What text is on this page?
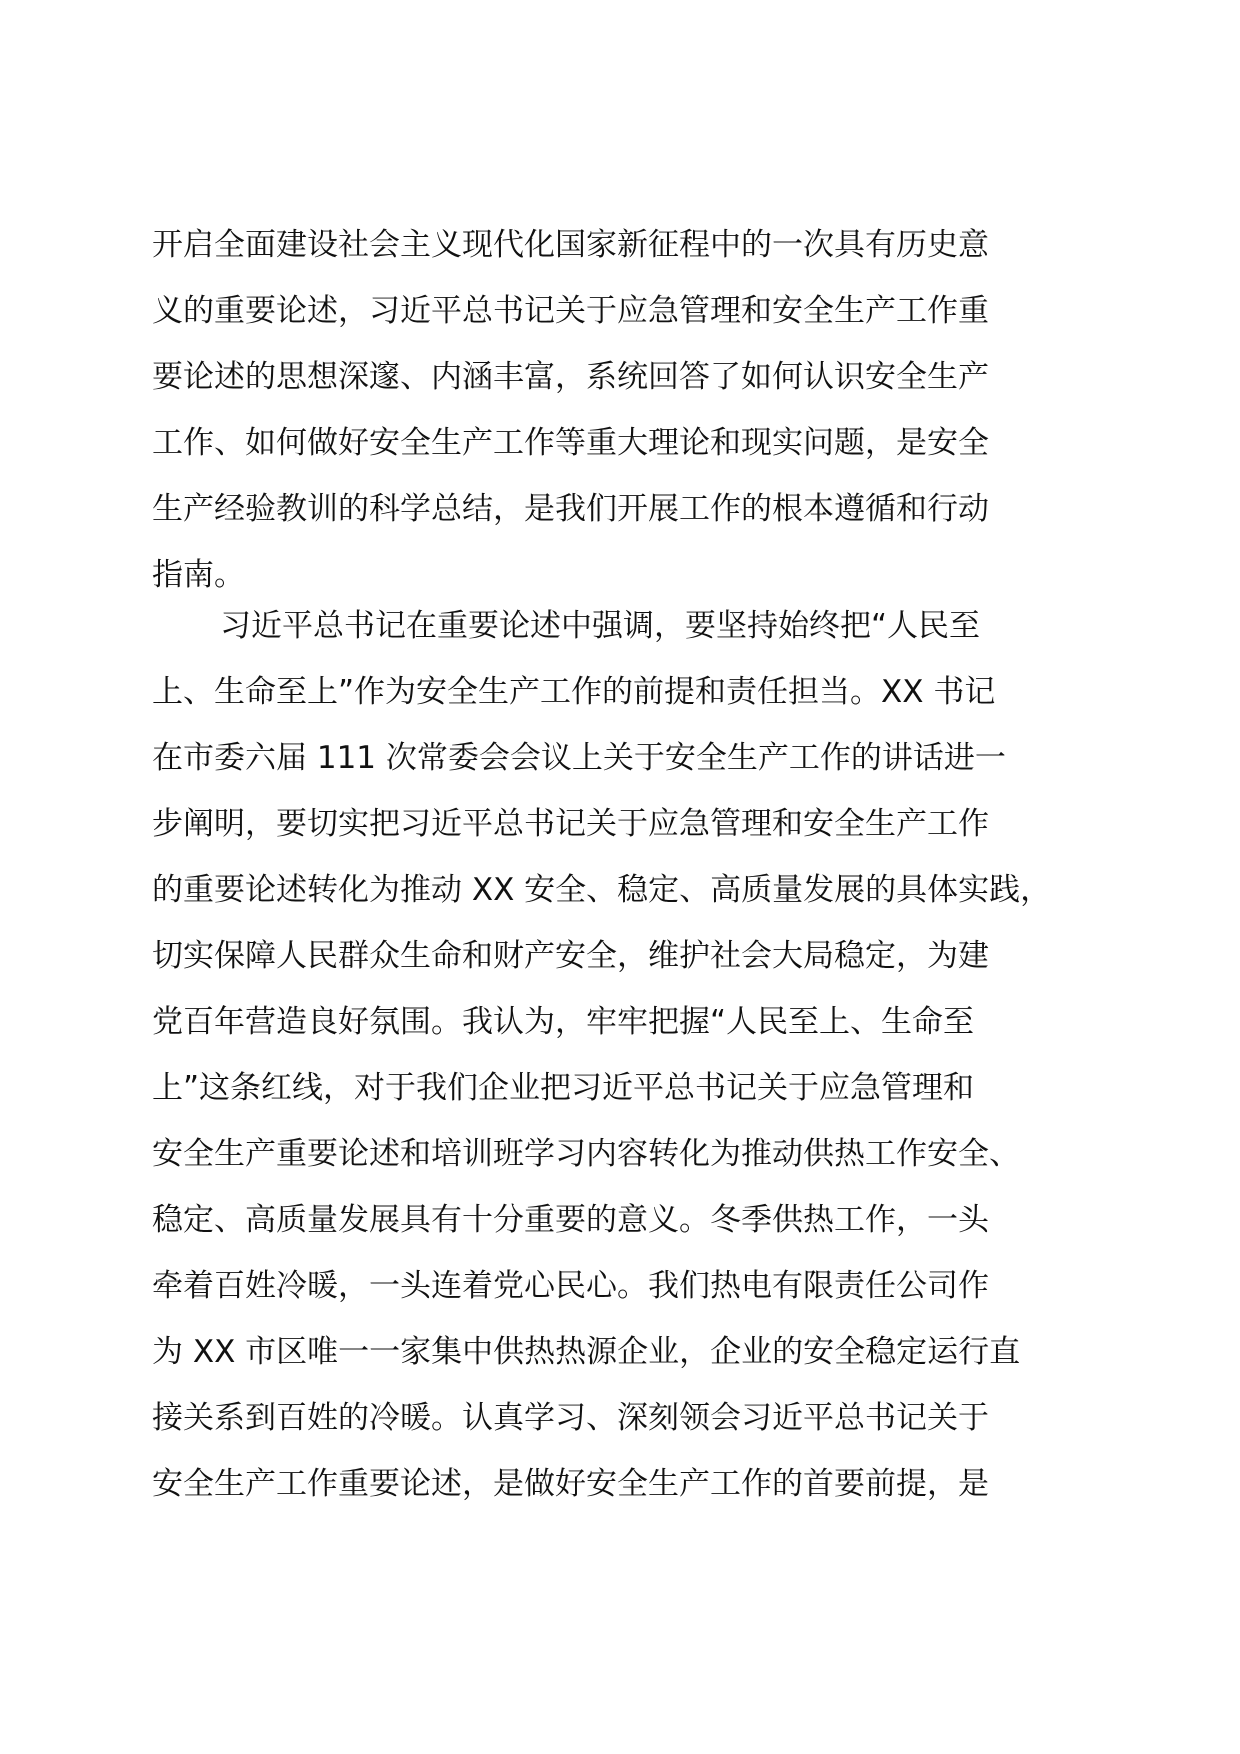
开启全面建设社会主义现代化国家新征程中的一次具有历史意
义的重要论述，习近平总书记关于应急管理和安全生产工作重
要论述的思想深邃、内涵丰富，系统回答了如何认识安全生产
工作、如何做好安全生产工作等重大理论和现实问题，是安全
生产经验教训的科学总结，是我们开展工作的根本遵循和行动
指南。
习近平总书记在重要论述中强调，要坚持始终把“人民至
上、生命至上”作为安全生产工作的前提和责任担当。XX 书记
在市委六届 111 次常委会会议上关于安全生产工作的讲话进一
步阐明，要切实把习近平总书记关于应急管理和安全生产工作
的重要论述转化为推动 XX 安全、稳定、高质量发展的具体实践，
切实保障人民群众生命和财产安全，维护社会大局稳定，为建
党百年营造良好氛围。我认为，牢牢把握“人民至上、生命至
上”这条红线，对于我们企业把习近平总书记关于应急管理和
安全生产重要论述和培训班学习内容转化为推动供热工作安全、
稳定、高质量发展具有十分重要的意义。冬季供热工作，一头
牵着百姓冷暖，一头连着党心民心。我们热电有限责任公司作
为 XX 市区唯一一家集中供热热源企业，企业的安全稳定运行直
接关系到百姓的冷暖。认真学习、深刻领会习近平总书记关于
安全生产工作重要论述，是做好安全生产工作的首要前提，是
